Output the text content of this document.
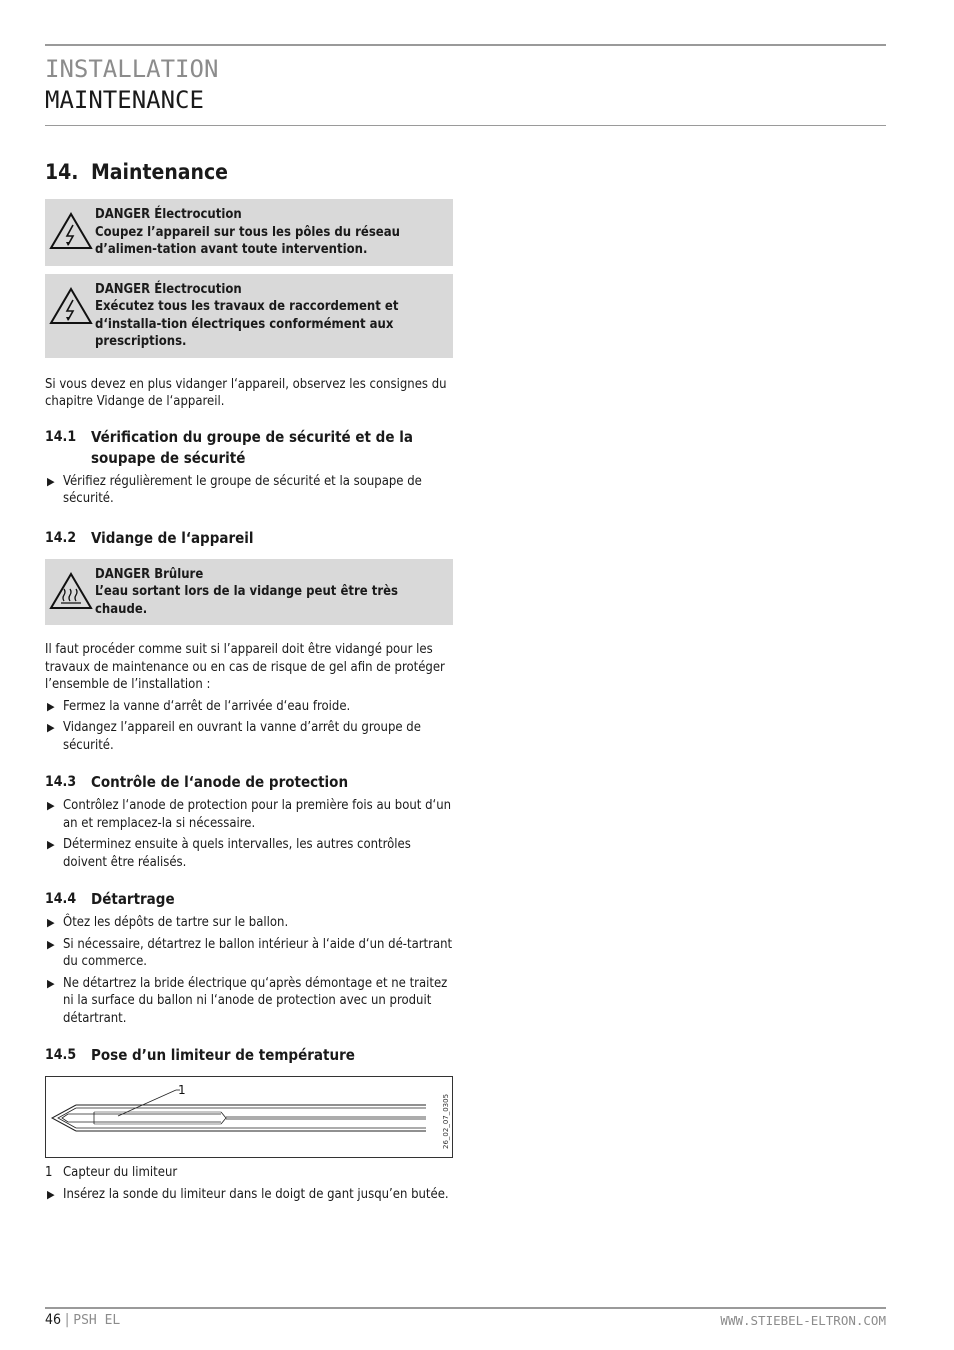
INSTALLATION
MAINTENANCE
14. Maintenance
DANGER Électrocution
Coupez l’appareil sur tous les pôles du réseau d’alimen-tation avant toute intervention.
DANGER Électrocution
Exécutez tous les travaux de raccordement et d‘installa-tion électriques conformément aux prescriptions.

Si vous devez en plus vidanger l‘appareil, observez les consignes du chapitre Vidange de l‘appareil.

14.1 Vérification du groupe de sécurité et de la soupape de sécurité
▶ Vérifiez régulièrement le groupe de sécurité et la soupape de sécurité.
14.2 Vidange de l‘appareil
DANGER Brûlure
L’eau sortant lors de la vidange peut être très chaude.

Il faut procéder comme suit si l’appareil doit être vidangé pour les travaux de maintenance ou en cas de risque de gel afin de protéger l’ensemble de l’installation :

▶ Fermez la vanne d‘arrêt de l‘arrivée d‘eau froide.
▶ Vidangez l’appareil en ouvrant la vanne d’arrêt du groupe de sécurité.
14.3 Contrôle de l‘anode de protection
▶ Contrôlez l‘anode de protection pour la première fois au bout d‘un an et remplacez-la si nécessaire.
▶ Déterminez ensuite à quels intervalles, les autres contrôles doivent être réalisés.
14.4 Détartrage
▶ Ôtez les dépôts de tartre sur le ballon.
▶ Si nécessaire, détartrez le ballon intérieur à l‘aide d‘un dé-tartrant du commerce.
▶ Ne détartrez la bride électrique qu‘après démontage et ne traitez ni la surface du ballon ni l‘anode de protection avec un produit détartrant.
14.5 Pose d’un limiteur de température
1
26_02_07_0305
1 Capteur du limiteur
▶ Insérez la sonde du limiteur dans le doigt de gant jusqu’en butée.
46 | PSH EL	WWW.STIEBEL-ELTRON.COM
